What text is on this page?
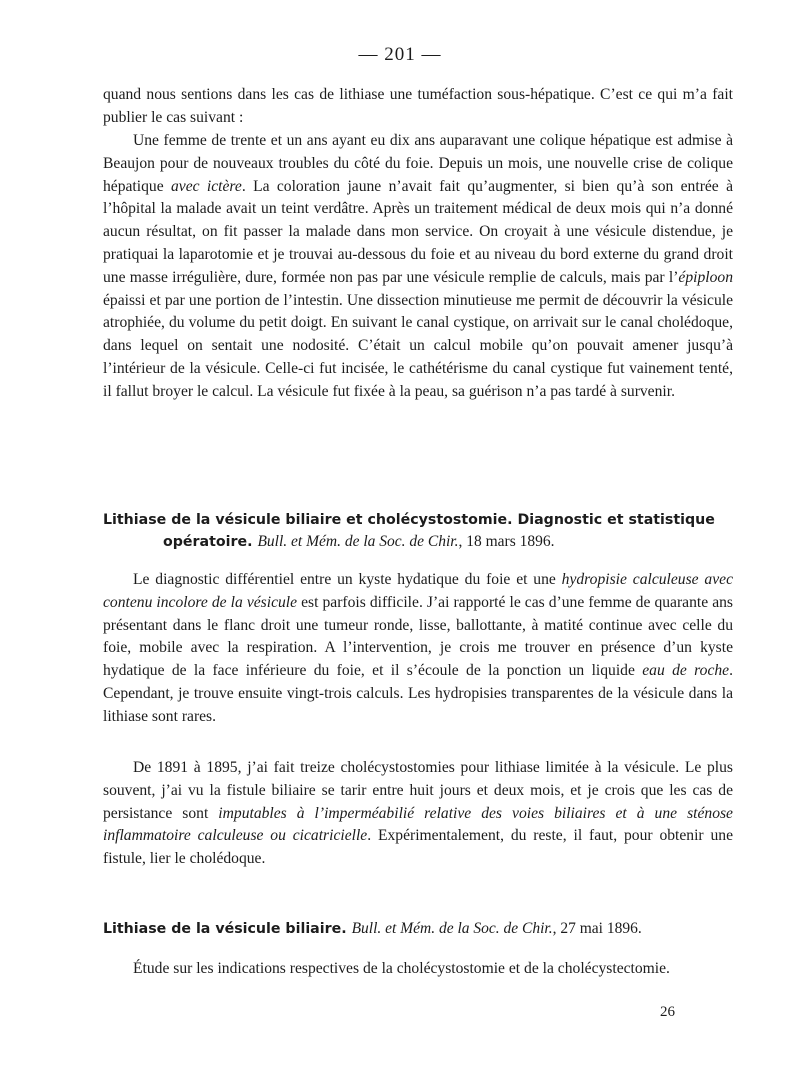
— 201 —

quand nous sentions dans les cas de lithiase une tuméfaction sous-hépatique. C’est ce qui m’a fait publier le cas suivant :

Une femme de trente et un ans ayant eu dix ans auparavant une colique hépatique est admise à Beaujon pour de nouveaux troubles du côté du foie. Depuis un mois, une nouvelle crise de colique hépatique avec ictère. La coloration jaune n’avait fait qu’augmenter, si bien qu’à son entrée à l’hôpital la malade avait un teint verdâtre. Après un traitement médical de deux mois qui n’a donné aucun résultat, on fit passer la malade dans mon service. On croyait à une vésicule distendue, je pratiquai la laparotomie et je trouvai au-dessous du foie et au niveau du bord externe du grand droit une masse irrégulière, dure, formée non pas par une vésicule remplie de calculs, mais par l’épiploon épaissi et par une portion de l’intestin. Une dissection minutieuse me permit de découvrir la vésicule atrophiée, du volume du petit doigt. En suivant le canal cystique, on arrivait sur le canal cholédoque, dans lequel on sentait une nodosité. C’était un calcul mobile qu’on pouvait amener jusqu’à l’intérieur de la vésicule. Celle-ci fut incisée, le cathétérisme du canal cystique fut vainement tenté, il fallut broyer le calcul. La vésicule fut fixée à la peau, sa guérison n’a pas tardé à survenir.

Lithiase de la vésicule biliaire et cholécystostomie. Diagnostic et statistique opératoire. Bull. et Mém. de la Soc. de Chir., 18 mars 1896.

Le diagnostic différentiel entre un kyste hydatique du foie et une hydropisie calculeuse avec contenu incolore de la vésicule est parfois difficile. J’ai rapporté le cas d’une femme de quarante ans présentant dans le flanc droit une tumeur ronde, lisse, ballottante, à matité continue avec celle du foie, mobile avec la respiration. A l’intervention, je crois me trouver en présence d’un kyste hydatique de la face inférieure du foie, et il s’écoule de la ponction un liquide eau de roche. Cependant, je trouve ensuite vingt-trois calculs. Les hydropisies transparentes de la vésicule dans la lithiase sont rares.

De 1891 à 1895, j’ai fait treize cholécystostomies pour lithiase limitée à la vésicule. Le plus souvent, j’ai vu la fistule biliaire se tarir entre huit jours et deux mois, et je crois que les cas de persistance sont imputables à l’imperméabilié relative des voies biliaires et à une sténose inflammatoire calculeuse ou cicatricielle. Expérimentalement, du reste, il faut, pour obtenir une fistule, lier le cholédoque.

Lithiase de la vésicule biliaire. Bull. et Mém. de la Soc. de Chir., 27 mai 1896.

Étude sur les indications respectives de la cholécystostomie et de la cholécystectomie.

26
